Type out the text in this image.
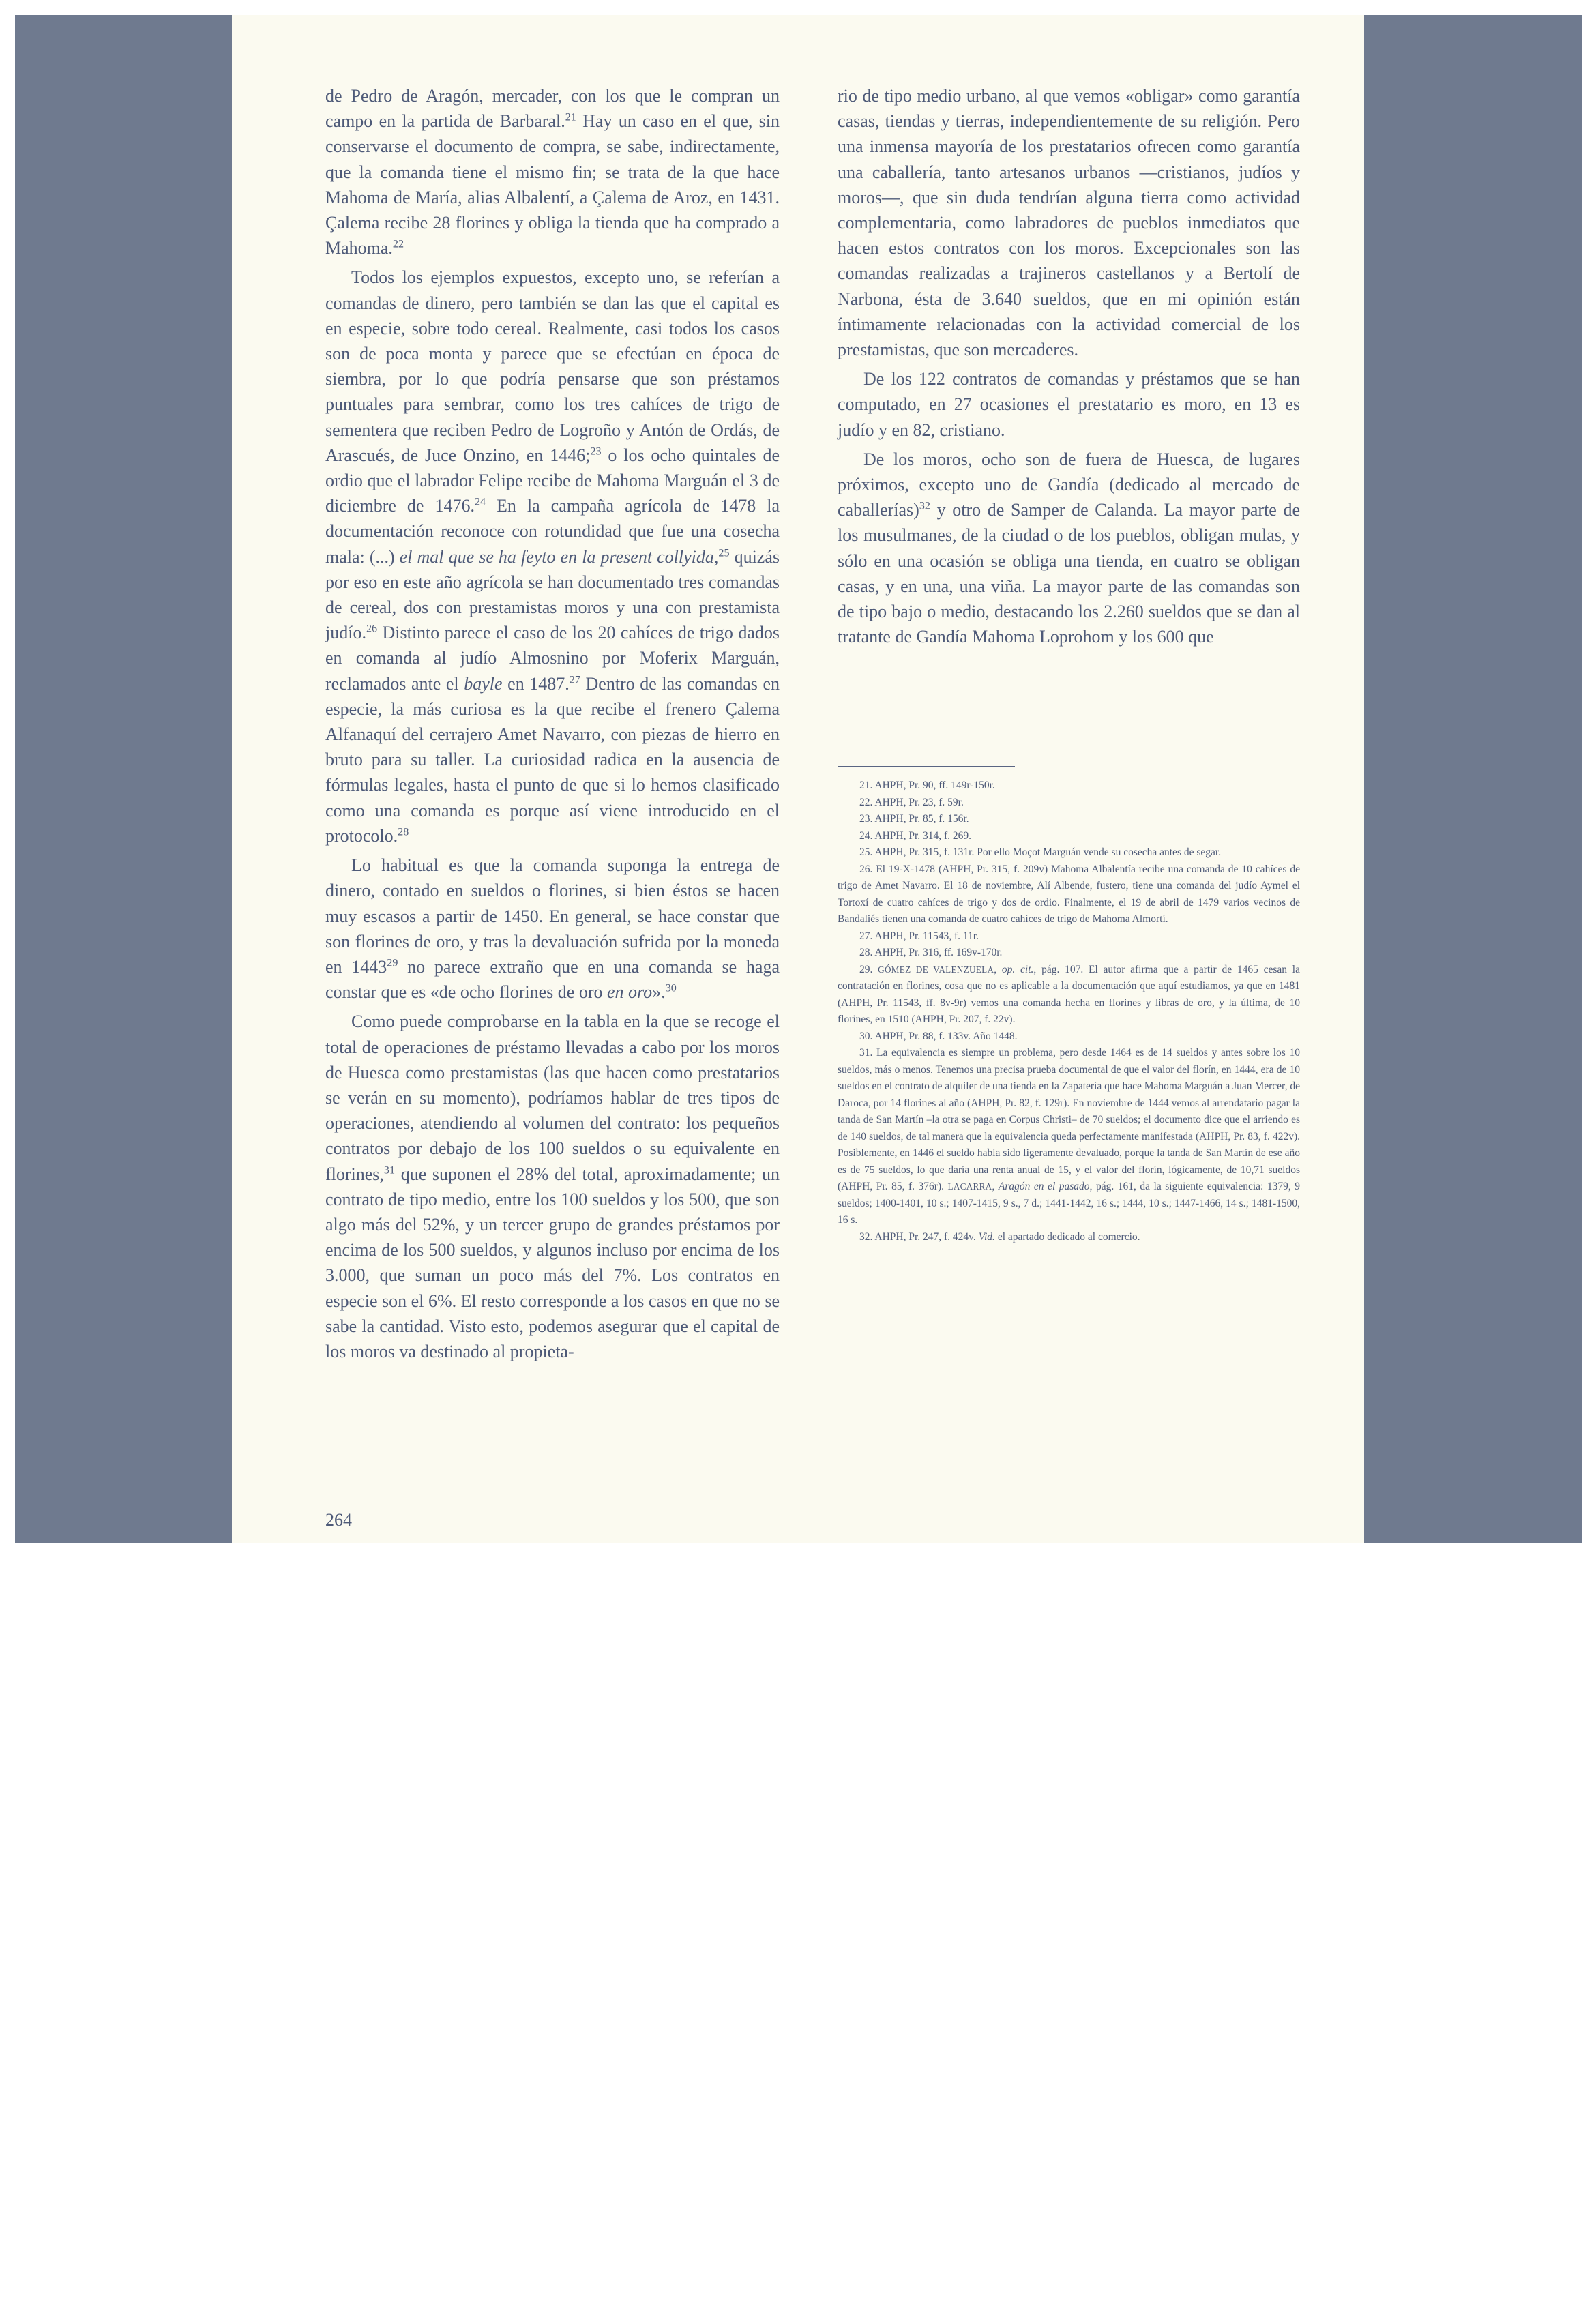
de Pedro de Aragón, mercader, con los que le compran un campo en la partida de Barbaral.$^{21}$ Hay un caso en el que, sin conservarse el documento de compra, se sabe, indirectamente, que la comanda tiene el mismo fin; se trata de la que hace Mahoma de María, alias Albalentí, a Çalema de Aroz, en 1431. Çalema recibe 28 florines y obliga la tienda que ha comprado a Mahoma.$^{22}$

Todos los ejemplos expuestos, excepto uno, se referían a comandas de dinero, pero también se dan las que el capital es en especie, sobre todo cereal. Realmente, casi todos los casos son de poca monta y parece que se efectúan en época de siembra, por lo que podría pensarse que son préstamos puntuales para sembrar, como los tres cahíces de trigo de sementera que reciben Pedro de Logroño y Antón de Ordás, de Arascués, de Juce Onzino, en 1446;$^{23}$ o los ocho quintales de ordio que el labrador Felipe recibe de Mahoma Marguán el 3 de diciembre de 1476.24 En la campaña agrícola de 1478 la documentación reconoce con rotundidad que fue una cosecha mala: (...) el mal que se ha feyto en la present collyida,$^{25}$ quizás por eso en este año agrícola se han documentado tres comandas de cereal, dos con prestamistas moros y una con prestamista judío.$^{26}$ Distinto parece el caso de los 20 cahíces de trigo dados en comanda al judío Almosnino por Moferix Marguán, reclamados ante el bayle en 1487.27 Dentro de las comandas en especie, la más curiosa es la que recibe el frenero Çalema Alfanaquí del cerrajero Amet Navarro, con piezas de hierro en bruto para su taller. La curiosidad radica en la ausencia de fórmulas legales, hasta el punto de que si lo hemos clasificado como una comanda es porque así viene introducido en el protocolo.$^{28}$

Lo habitual es que la comanda suponga la entrega de dinero, contado en sueldos o florines, si bien éstos se hacen muy escasos a partir de 1450. En general, se hace constar que son florines de oro, y tras la devaluación sufrida por la moneda en 1443$^{29}$ no parece extraño que en una comanda se haga constar que es «de ocho florines de oro en oro».$^{30}$

Como puede comprobarse en la tabla en la que se recoge el total de operaciones de préstamo llevadas a cabo por los moros de Huesca como prestamistas (las que hacen como prestatarios se verán en su momento), podríamos hablar de tres tipos de operaciones, atendiendo al volumen del contrato: los pequeños contratos por debajo de los 100 sueldos o su equivalente en florines,$^{31}$ que suponen el 28% del total, aproximadamente; un contrato de tipo medio, entre los 100 sueldos y los 500, que son algo más del 52%, y un tercer grupo de grandes préstamos por encima de los 500 sueldos, y algunos incluso por encima de los 3.000, que suman un poco más del 7%. Los contratos en especie son el 6%. El resto corresponde a los casos en que no se sabe la cantidad. Visto esto, podemos asegurar que el capital de los moros va destinado al propieta-

rio de tipo medio urbano, al que vemos «obligar» como garantía casas, tiendas y tierras, independientemente de su religión. Pero una inmensa mayoría de los prestatarios ofrecen como garantía una caballería, tanto artesanos urbanos —cristianos, judíos y moros—, que sin duda tendrían alguna tierra como actividad complementaria, como labradores de pueblos inmediatos que hacen estos contratos con los moros. Excepcionales son las comandas realizadas a trajineros castellanos y a Bertolí de Narbona, ésta de 3.640 sueldos, que en mi opinión están íntimamente relacionadas con la actividad comercial de los prestamistas, que son mercaderes.

De los 122 contratos de comandas y préstamos que se han computado, en 27 ocasiones el prestatario es moro, en 13 es judío y en 82, cristiano.

De los moros, ocho son de fuera de Huesca, de lugares próximos, excepto uno de Gandía (dedicado al mercado de caballerías)$^{32}$ y otro de Samper de Calanda. La mayor parte de los musulmanes, de la ciudad o de los pueblos, obligan mulas, y sólo en una ocasión se obliga una tienda, en cuatro se obligan casas, y en una, una viña. La mayor parte de las comandas son de tipo bajo o medio, destacando los 2.260 sueldos que se dan al tratante de Gandía Mahoma Loprohom y los 600 que

21. AHPH, Pr. 90, ff. 149r-150r.

22. AHPH, Pr. 23, f. 59r.

23. AHPH, Pr. 85, f. 156r.

24. AHPH, Pr. 314, f. 269.

25. AHPH, Pr. 315, f. 131r. Por ello Moçot Marguán vende su cosecha antes de segar.

26. El 19-X-1478 (AHPH, Pr. 315, f. 209v) Mahoma Albalentía recibe una comanda de 10 cahíces de trigo de Amet Navarro. El 18 de noviembre, Alí Albende, fustero, tiene una comanda del judío Aymel el Tortoxí de cuatro cahíces de trigo y dos de ordio. Finalmente, el 19 de abril de 1479 varios vecinos de Bandaliés tienen una comanda de cuatro cahíces de trigo de Mahoma Almortí.

27. AHPH, Pr. 11543, f. 11r.

28. AHPH, Pr. 316, ff. 169v-170r.

29. GÓMEZ DE VALENZUELA, op. cit., pág. 107. El autor afirma que a partir de 1465 cesan la contratación en florines, cosa que no es aplicable a la documentación que aquí estudiamos, ya que en 1481 (AHPH, Pr. 11543, ff. 8v-9r) vemos una comanda hecha en florines y libras de oro, y la última, de 10 florines, en 1510 (AHPH, Pr. 207, f. 22v).

30. AHPH, Pr. 88, f. 133v. Año 1448.

31. La equivalencia es siempre un problema, pero desde 1464 es de 14 sueldos y antes sobre los 10 sueldos, más o menos. Tenemos una precisa prueba documental de que el valor del florín, en 1444, era de 10 sueldos en el contrato de alquiler de una tienda en la Zapatería que hace Mahoma Marguán a Juan Mercer, de Daroca, por 14 florines al año (AHPH, Pr. 82, f. 129r). En noviembre de 1444 vemos al arrendatario pagar la tanda de San Martín –la otra se paga en Corpus Christi– de 70 sueldos; el documento dice que el arriendo es de 140 sueldos, de tal manera que la equivalencia queda perfectamente manifestada (AHPH, Pr. 83, f. 422v). Posiblemente, en 1446 el sueldo había sido ligeramente devaluado, porque la tanda de San Martín de ese año es de 75 sueldos, lo que daría una renta anual de 15, y el valor del florín, lógicamente, de 10,71 sueldos (AHPH, Pr. 85, f. 376r). LACARRA, Aragón en el pasado, pág. 161, da la siguiente equivalencia: 1379, 9 sueldos; 1400-1401, 10 s.; 1407-1415, 9 s., 7 d.; 1441-1442, 16 s.; 1444, 10 s.; 1447-1466, 14 s.; 1481-1500, 16 s.

32. AHPH, Pr. 247, f. 424v. Vid. el apartado dedicado al comercio.

264
